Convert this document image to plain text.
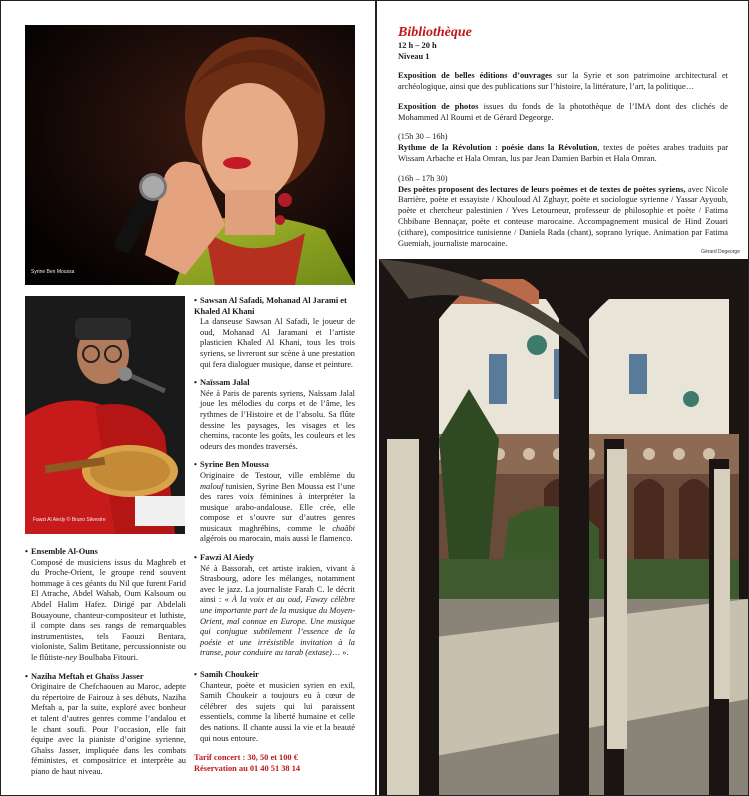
Syrine Ben Moussa
Fawzi Al Aiedy © Bruno Silvestre
Gérard Degeorge
Bibliothèque
12 h – 20 h
Niveau 1

Exposition de belles éditions d’ouvrages sur la Syrie et son patrimoine architectural et archéologique, ainsi que des publications sur l’histoire, la littérature, l’art, la politique…

Exposition de photos issues du fonds de la photothèque de l’IMA dont des clichés de Mohammed Al Roumi et de Gérard Degeorge.

(15h 30 – 16h)
Rythme de la Révolution : poésie dans la Révolution, textes de poètes arabes traduits par Wissam Arbache et Hala Omran, lus par Jean Damien Barbin et Hala Omran.

(16h – 17h 30)
Des poètes proposent des lectures de leurs poèmes et de textes de poètes syriens, avec Nicole Barrière, poète et essayiste / Khouloud Al Zghayr, poète et sociologue syrienne / Yassar Ayyoub, poète et chercheur palestinien / Yves Letourneur, professeur de philosophie et poète / Fatima Chbibane Bennaçar, poète et conteuse marocaine. Accompagnement musical de Hind Zouari (cithare), compositrice tunisienne / Daniela Rada (chant), soprano lyrique. Animation par Fatima Guemiah, journaliste marocaine.

• Sawsan Al Safadi, Mohanad Al Jarami et Khaled Al Khani

La danseuse Sawsan Al Safadi, le joueur de oud, Mohanad Al Jaramani et l’artiste plasticien Khaled Al Khani, tous les trois syriens, se livreront sur scène à une prestation qui fera dialoguer musique, danse et peinture.

• Naïssam Jalal

Née à Paris de parents syriens, Naïssam Jalal joue les mélodies du corps et de l’âme, les rythmes de l’Histoire et de l’absolu. Sa flûte dessine les paysages, les visages et les chemins, raconte les goûts, les couleurs et les odeurs des mondes traversés.

• Syrine Ben Moussa

Originaire de Testour, ville emblème du malouf tunisien, Syrine Ben Moussa est l’une des rares voix féminines à interpréter la musique arabo-andalouse. Elle crée, elle compose et s’ouvre sur d’autres genres musicaux maghrébins, comme le chaâbi algérois ou marocain, mais aussi le flamenco.

• Fawzi Al Aiedy

Né à Bassorah, cet artiste irakien, vivant à Strasbourg, adore les mélanges, notamment avec le jazz. La journaliste Farah C. le décrit ainsi : « À la voix et au oud, Fawzy célèbre une importante part de la musique du Moyen-Orient, mal connue en Europe. Une musique qui conjugue subtilement l’essence de la poésie et une irrésistible invitation à la transe, pour conduire au tarab (extase)… ».

• Ensemble Al-Ouns

Composé de musiciens issus du Maghreb et du Proche-Orient, le groupe rend souvent hommage à ces géants du Nil que furent Farid El Atrache, Abdel Wahab, Oum Kalsoum ou Abdel Halim Hafez. Dirigé par Abdelali Bouayoune, chanteur-compositeur et luthiste, il compte dans ses rangs de remarquables instrumentistes, tels Faouzi Bentara, violoniste, Salim Betitane, percussionniste ou le flûtiste-ney Boulbaba Fitouri.

• Naziha Meftah et Ghaïss Jasser

Originaire de Chefchaouen au Maroc, adepte du répertoire de Fairouz à ses débuts, Naziha Meftah a, par la suite, exploré avec bonheur et talent d’autres genres comme l’andalou et le chant soufi. Pour l’occasion, elle fait équipe avec la pianiste d’origine syrienne, Ghaïss Jasser, impliquée dans les combats féministes, et compositrice et interprète au piano de haut niveau.

• Samih Choukeir

Chanteur, poète et musicien syrien en exil, Samih Choukeir a toujours eu à cœur de célébrer des sujets qui lui paraissent essentiels, comme la liberté humaine et celle des nations. Il chante aussi la vie et la beauté qui nous entoure.

Tarif concert : 30, 50 et 100 €
Réservation au 01 40 51 38 14
